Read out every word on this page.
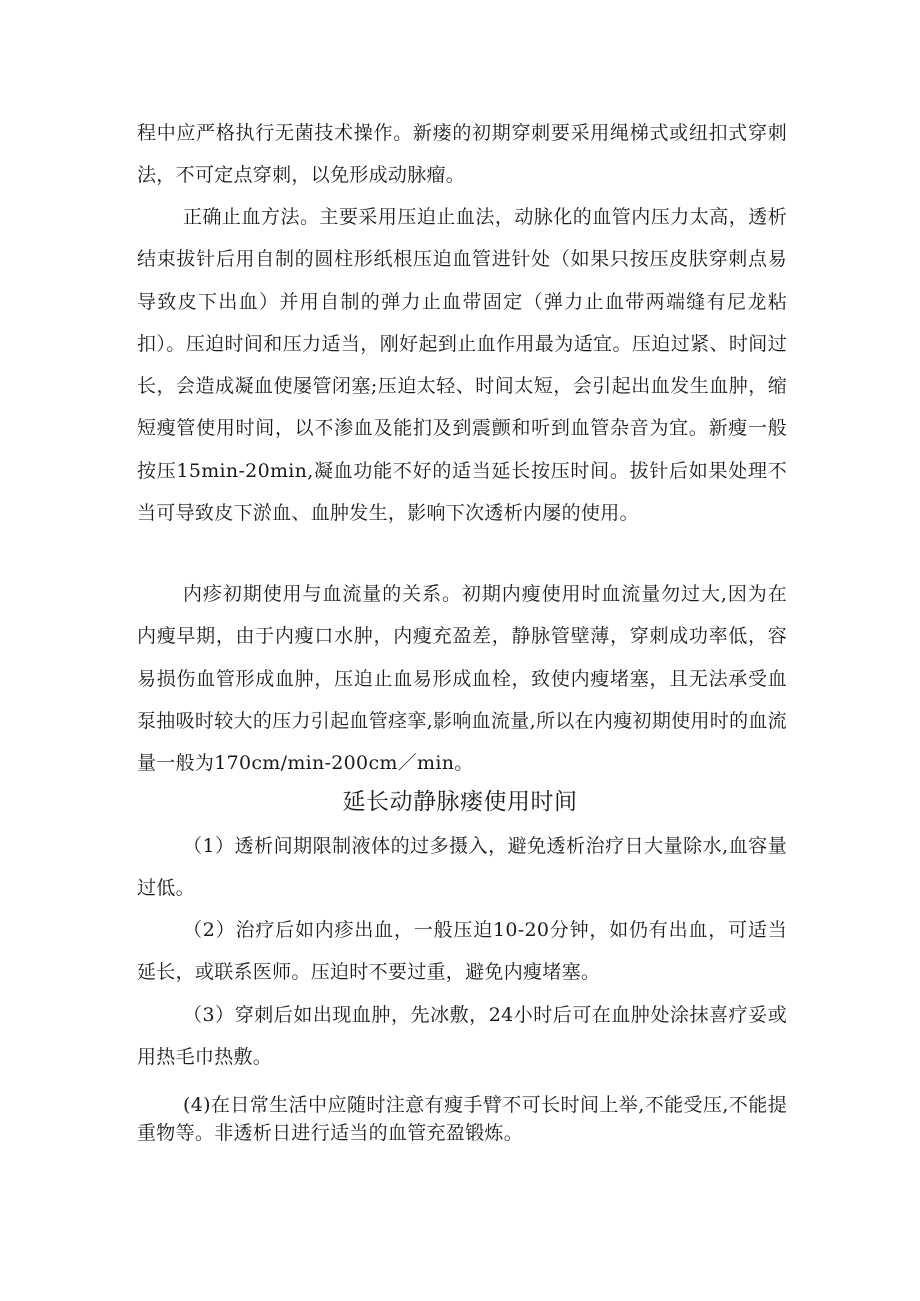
程中应严格执行无菌技术操作。新瘘的初期穿刺要采用绳梯式或纽扣式穿刺法，不可定点穿刺，以免形成动脉瘤。

正确止血方法。主要采用压迫止血法，动脉化的血管内压力太高，透析结束拔针后用自制的圆柱形纸根压迫血管进针处（如果只按压皮肤穿刺点易导致皮下出血）并用自制的弹力止血带固定（弹力止血带两端缝有尼龙粘扣）。压迫时间和压力适当，刚好起到止血作用最为适宜。压迫过紧、时间过长，会造成凝血使屡管闭塞;压迫太轻、时间太短，会引起出血发生血肿，缩短瘦管使用时间，以不渗血及能扪及到震颤和听到血管杂音为宜。新瘦一般按压15min-20min,凝血功能不好的适当延长按压时间。拔针后如果处理不当可导致皮下淤血、血肿发生，影响下次透析内屡的使用。

内疹初期使用与血流量的关系。初期内瘦使用时血流量勿过大,因为在内瘦早期，由于内瘦口水肿，内瘦充盈差，静脉管壁薄，穿刺成功率低，容易损伤血管形成血肿，压迫止血易形成血栓，致使内瘦堵塞，且无法承受血泵抽吸时较大的压力引起血管痉挛,影响血流量,所以在内瘦初期使用时的血流量一般为170cm/min-200cm／min。

延长动静脉瘘使用时间

（1）透析间期限制液体的过多摄入，避免透析治疗日大量除水,血容量过低。

（2）治疗后如内疹出血，一般压迫10-20分钟，如仍有出血，可适当延长，或联系医师。压迫时不要过重，避免内瘦堵塞。

（3）穿刺后如出现血肿，先冰敷，24小时后可在血肿处涂抹喜疗妥或用热毛巾热敷。

(4)在日常生活中应随时注意有瘦手臂不可长时间上举,不能受压,不能提重物等。非透析日进行适当的血管充盈锻炼。
